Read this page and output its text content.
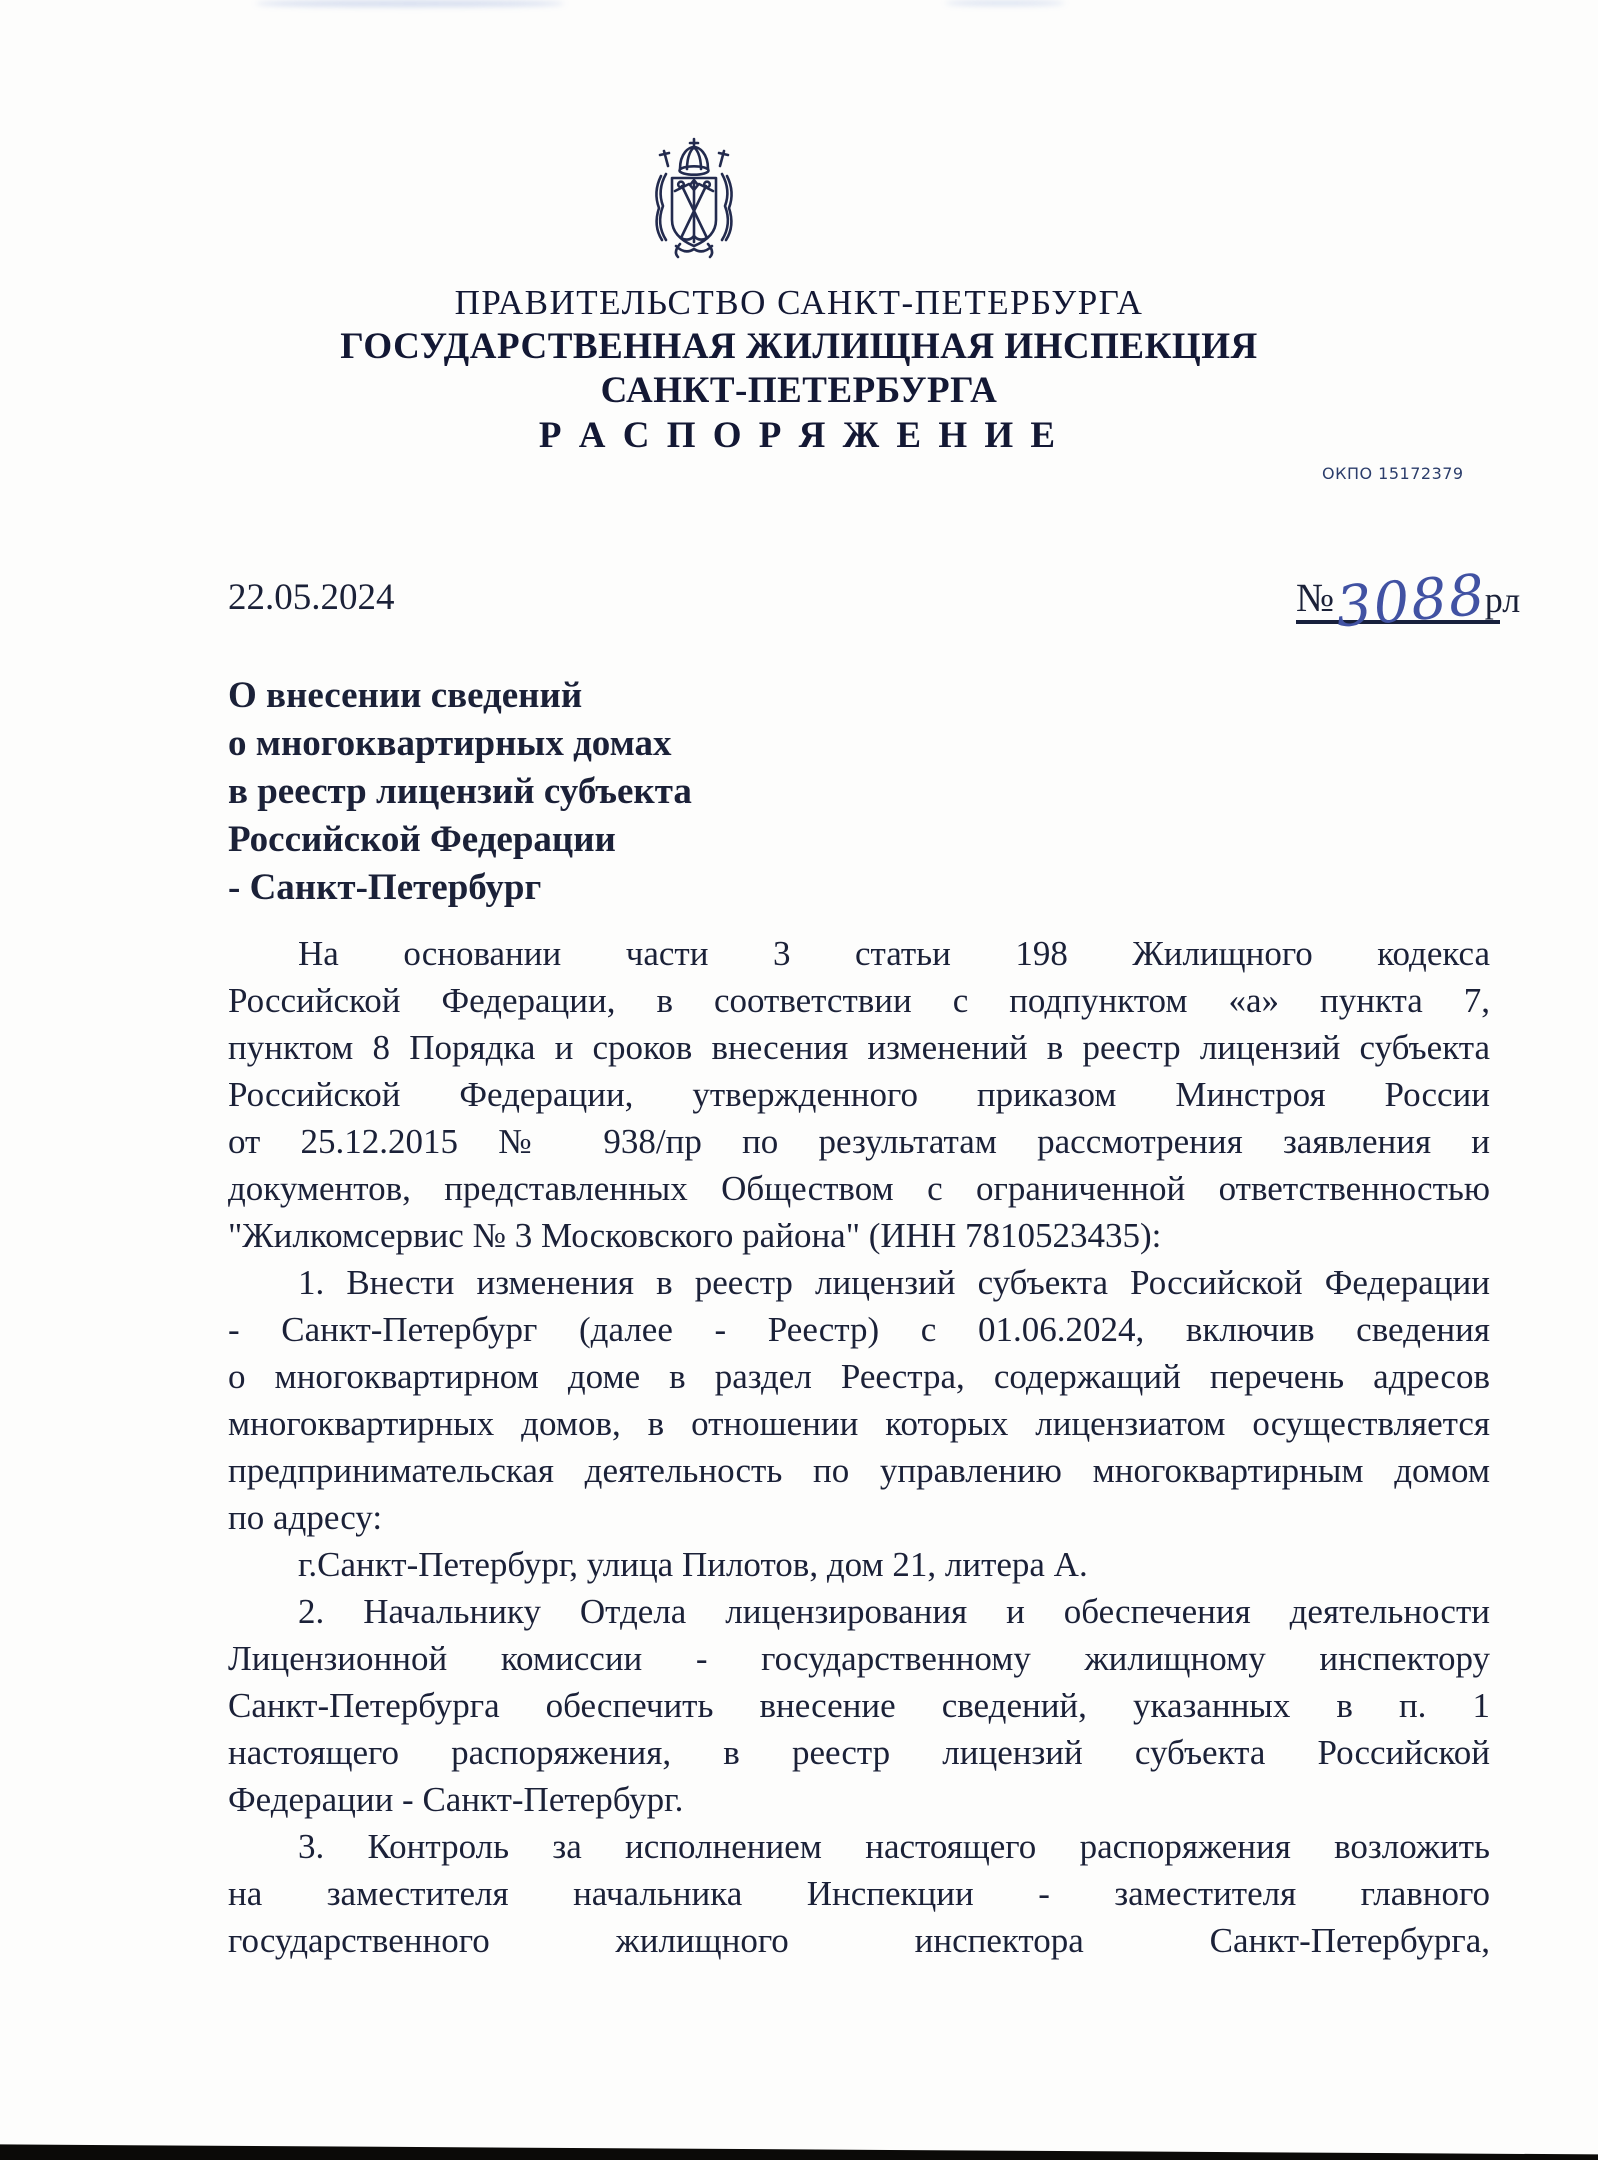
ПРАВИТЕЛЬСТВО САНКТ-ПЕТЕРБУРГА
ГОСУДАРСТВЕННАЯ ЖИЛИЩНАЯ ИНСПЕКЦИЯ
САНКТ-ПЕТЕРБУРГА
Р А С П О Р Я Ж Е Н И Е
ОКПО 15172379
22.05.2024	№ 3088
рл
О внесении сведений
о многоквартирных домах
в реестр лицензий субъекта
Российской Федерации
- Санкт-Петербург
На основании части 3 статьи 198 Жилищного кодекса
Российской Федерации, в соответствии с подпунктом «а» пункта 7,
пунктом 8 Порядка и сроков внесения изменений в реестр лицензий субъекта
Российской Федерации, утвержденного приказом Минстроя России
от 25.12.2015 № 938/пр по результатам рассмотрения заявления и
документов, представленных Обществом с ограниченной ответственностью
"Жилкомсервис № 3 Московского района" (ИНН 7810523435):
1. Внести изменения в реестр лицензий субъекта Российской Федерации
- Санкт-Петербург (далее - Реестр) с 01.06.2024, включив сведения
о многоквартирном доме в раздел Реестра, содержащий перечень адресов
многоквартирных домов, в отношении которых лицензиатом осуществляется
предпринимательская деятельность по управлению многоквартирным домом
по адресу:
г.Санкт-Петербург, улица Пилотов, дом 21, литера А.
2. Начальнику Отдела лицензирования и обеспечения деятельности
Лицензионной комиссии - государственному жилищному инспектору
Санкт-Петербурга обеспечить внесение сведений, указанных в п. 1
настоящего распоряжения, в реестр лицензий субъекта Российской
Федерации - Санкт-Петербург.
3. Контроль за исполнением настоящего распоряжения возложить
на заместителя начальника Инспекции - заместителя главного
государственного жилищного инспектора Санкт-Петербурга,
